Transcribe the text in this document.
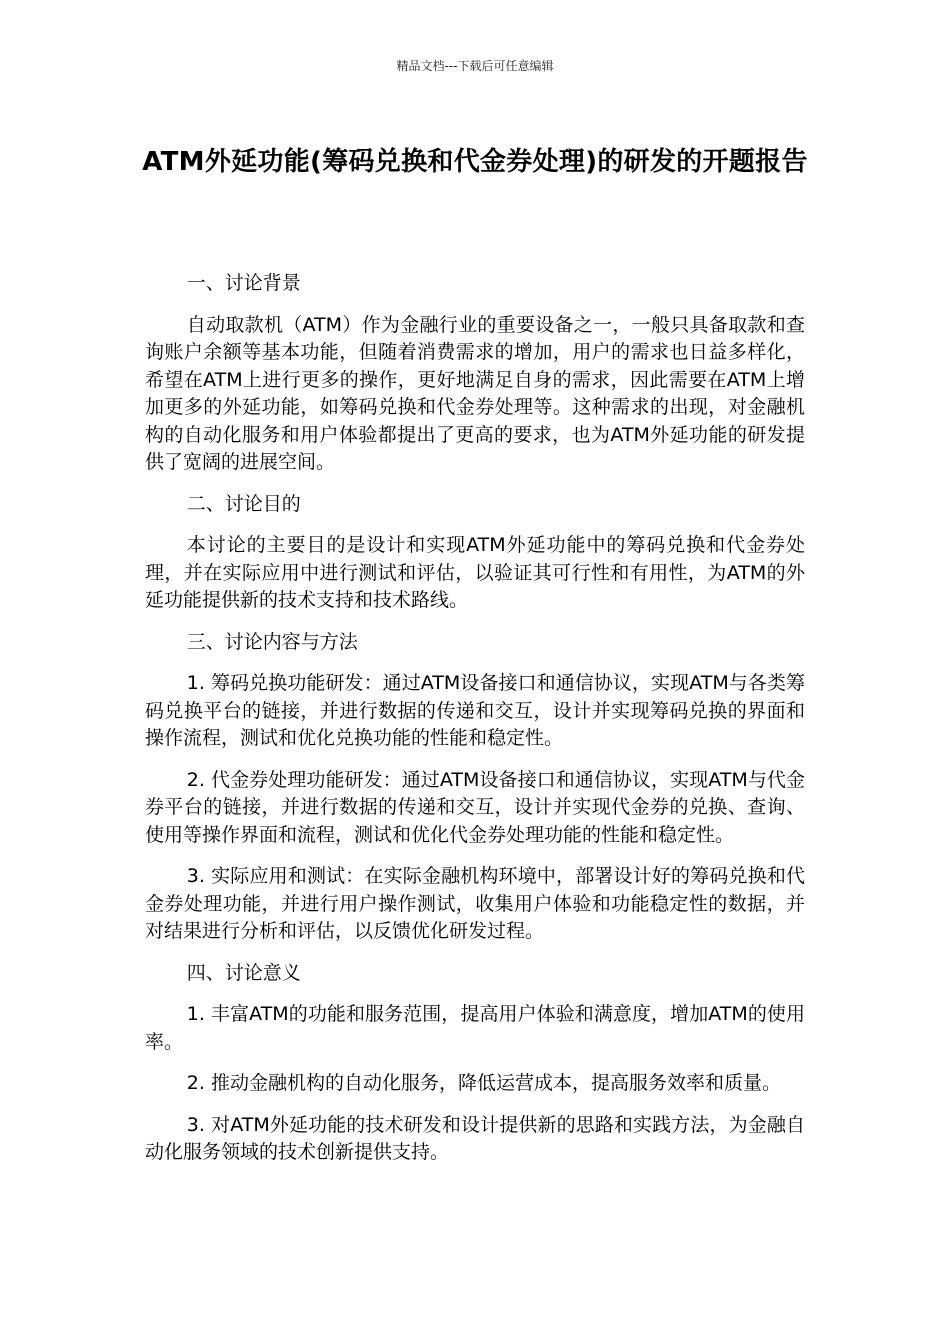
精品文档---下载后可任意编辑
ATM外延功能(筹码兑换和代金券处理)的研发的开题报告

一、讨论背景

自动取款机（ATM）作为金融行业的重要设备之一，一般只具备取款和查询账户余额等基本功能，但随着消费需求的增加，用户的需求也日益多样化，希望在ATM上进行更多的操作，更好地满足自身的需求，因此需要在ATM上增加更多的外延功能，如筹码兑换和代金券处理等。这种需求的出现，对金融机构的自动化服务和用户体验都提出了更高的要求，也为ATM外延功能的研发提供了宽阔的进展空间。

二、讨论目的

本讨论的主要目的是设计和实现ATM外延功能中的筹码兑换和代金券处理，并在实际应用中进行测试和评估，以验证其可行性和有用性，为ATM的外延功能提供新的技术支持和技术路线。

三、讨论内容与方法

1. 筹码兑换功能研发：通过ATM设备接口和通信协议，实现ATM与各类筹码兑换平台的链接，并进行数据的传递和交互，设计并实现筹码兑换的界面和操作流程，测试和优化兑换功能的性能和稳定性。

2. 代金券处理功能研发：通过ATM设备接口和通信协议，实现ATM与代金券平台的链接，并进行数据的传递和交互，设计并实现代金券的兑换、查询、使用等操作界面和流程，测试和优化代金券处理功能的性能和稳定性。

3. 实际应用和测试：在实际金融机构环境中，部署设计好的筹码兑换和代金券处理功能，并进行用户操作测试，收集用户体验和功能稳定性的数据，并对结果进行分析和评估，以反馈优化研发过程。

四、讨论意义

1. 丰富ATM的功能和服务范围，提高用户体验和满意度，增加ATM的使用率。

2. 推动金融机构的自动化服务，降低运营成本，提高服务效率和质量。

3. 对ATM外延功能的技术研发和设计提供新的思路和实践方法，为金融自动化服务领域的技术创新提供支持。
